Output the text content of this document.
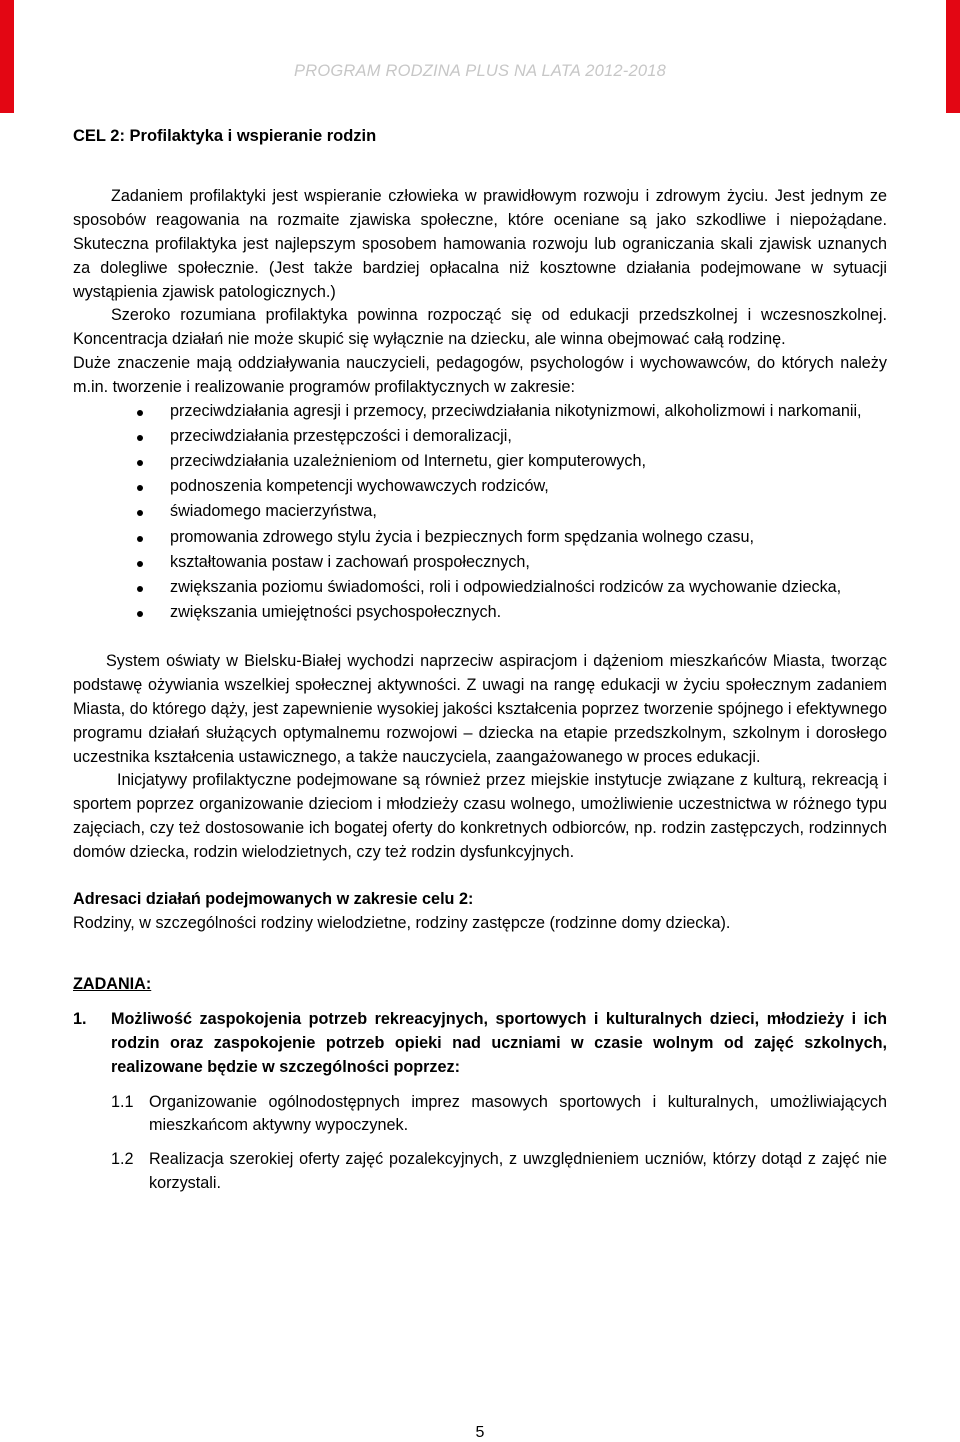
PROGRAM RODZINA PLUS NA LATA 2012-2018

CEL 2: Profilaktyka i wspieranie rodzin

Zadaniem profilaktyki jest wspieranie człowieka w prawidłowym rozwoju i zdrowym życiu. Jest jednym ze sposobów reagowania na rozmaite zjawiska społeczne, które oceniane są jako szkodliwe i niepożądane. Skuteczna profilaktyka jest najlepszym sposobem hamowania rozwoju lub ograniczania skali zjawisk uznanych za dolegliwe społecznie. (Jest także bardziej opłacalna niż kosztowne działania podejmowane w sytuacji wystąpienia zjawisk patologicznych.)

Szeroko rozumiana profilaktyka powinna rozpocząć się od edukacji przedszkolnej i wczesnoszkolnej. Koncentracja działań nie może skupić się wyłącznie na dziecku, ale winna obejmować całą rodzinę.

Duże znaczenie mają oddziaływania nauczycieli, pedagogów, psychologów i wychowawców, do których należy m.in. tworzenie i realizowanie programów profilaktycznych w zakresie:

przeciwdziałania agresji i przemocy, przeciwdziałania nikotynizmowi, alkoholizmowi i narkomanii,
przeciwdziałania przestępczości i demoralizacji,
przeciwdziałania uzależnieniom od Internetu, gier komputerowych,
podnoszenia kompetencji wychowawczych rodziców,
świadomego macierzyństwa,
promowania zdrowego stylu życia i bezpiecznych form spędzania wolnego czasu,
kształtowania postaw i zachowań prospołecznych,
zwiększania poziomu świadomości, roli i odpowiedzialności rodziców za wychowanie dziecka,
zwiększania umiejętności psychospołecznych.

System oświaty w Bielsku-Białej wychodzi naprzeciw aspiracjom i dążeniom mieszkańców Miasta, tworząc podstawę ożywiania wszelkiej społecznej aktywności. Z uwagi na rangę edukacji w życiu społecznym zadaniem Miasta, do którego dąży, jest zapewnienie wysokiej jakości kształcenia poprzez tworzenie spójnego i efektywnego programu działań służących optymalnemu rozwojowi – dziecka na etapie przedszkolnym, szkolnym i dorosłego uczestnika kształcenia ustawicznego, a także nauczyciela, zaangażowanego w proces edukacji.

Inicjatywy profilaktyczne podejmowane są również przez miejskie instytucje związane z kulturą, rekreacją i sportem poprzez organizowanie dzieciom i młodzieży czasu wolnego, umożliwienie uczestnictwa w różnego typu zajęciach, czy też dostosowanie ich bogatej oferty do konkretnych odbiorców, np. rodzin zastępczych, rodzinnych domów dziecka, rodzin wielodzietnych, czy też rodzin dysfunkcyjnych.

Adresaci działań podejmowanych w zakresie celu 2:

Rodziny, w szczególności rodziny wielodzietne, rodziny zastępcze (rodzinne domy dziecka).

ZADANIA:

1. Możliwość zaspokojenia potrzeb rekreacyjnych, sportowych i kulturalnych dzieci, młodzieży i ich rodzin oraz zaspokojenie potrzeb opieki nad uczniami w czasie wolnym od zajęć szkolnych, realizowane będzie w szczególności poprzez:
1.1 Organizowanie ogólnodostępnych imprez masowych sportowych i kulturalnych, umożliwiających mieszkańcom aktywny wypoczynek.
1.2 Realizacja szerokiej oferty zajęć pozalekcyjnych, z uwzględnieniem uczniów, którzy dotąd z zajęć nie korzystali.
5
